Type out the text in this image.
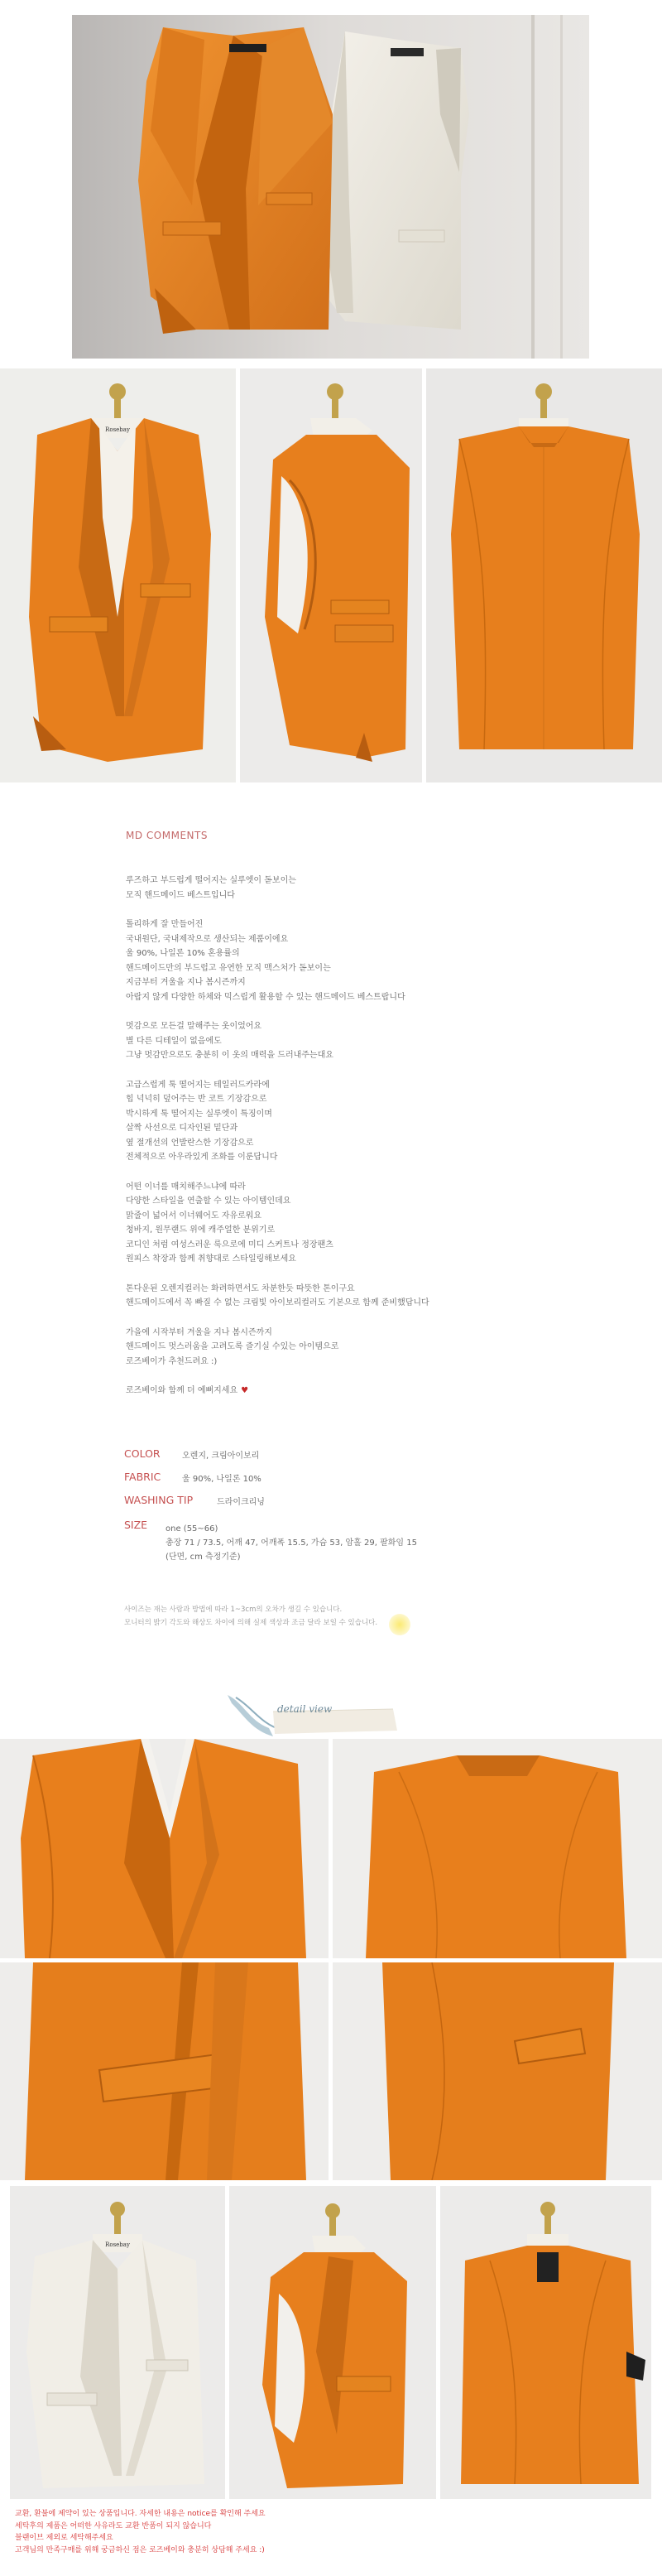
Rosebay
MD COMMENTS
루즈하고 부드럽게 떨어지는 실루엣이 돋보이는
모직 핸드메이드 베스트입니다
톨리하게 잘 만들어진
국내원단, 국내제작으로 생산되는 제품이에요
울 90%, 나일론 10% 혼용률의
핸드메이드만의 부드럽고 유연한 모직 맥스처가 돋보이는
지금부터 겨울을 지나 봄시즌까지
아랍지 않게 다양한 하체와 믹스립게 활용할 수 있는 핸드메이드 베스트랍니다
멋감으로 모든걸 말해주는 옷이었어요
별 다른 디테일이 없음에도
그냥 멋감만으로도 충분히 이 옷의 매력을 드러내주는대요
고급스럽게 툭 떨어지는 테일러드카라에
힙 넉넉히 덮어주는 반 코트 기장감으로
박시하게 툭 떨어지는 실루엣이 특징이며
살짝 사선으로 디자인된 밑단과
옆 절개선의 언발란스한 기장감으로
전체적으로 아우라있게 조화를 이룬답니다
어떤 이너를 매치해주느냐에 따라
다양한 스타일을 연출할 수 있는 아이템인데요
맑줄이 넓어서 이너웨어도 자유로워요
청바지, 원무랜드 위에 캐주얼한 분위기로
코디인 처럼 여성스러운 룩으로에 미디 스커트나 정장팬츠
원피스 착장과 함께 취향대로 스타일링해보세요
톤다운된 오렌지컬러는 화려하면서도 차분한듯 따뜻한 톤이구요
핸드메이드에서 꼭 빠질 수 없는 크림빛 아이보리컬러도 기본으로 함께 준비했답니다
가을에 시작부터 겨울을 지나 봄시즌까지
핸드메이드 멋스러움을 고려도록 즐기실 수있는 아이템으로
로즈베이가 추천드려요 :)
로즈베이와 함께 더 예뻐지세요 ♥
COLOR	오렌지, 크림아이보리
FABRIC	울 90%, 나일론 10%
WASHING TIP	드라이크리닝
SIZE one (55~66)
총장 71 / 73.5, 어깨 47, 어깨폭 15.5, 가슴 53, 암홀 29, 팔화임 15
(단면, cm 측정기준)
사이즈는 재는 사람과 방법에 따라 1~3cm의 오차가 생길 수 있습니다.
모니터의 밝기 각도와 해상도 차이에 의해 실제 색상과 조금 달라 보일 수 있습니다.
detail view
Rosebay
교환, 환불에 제약이 있는 상품입니다. 자세한 내용은 notice를 확인해 주세요
세탁후의 제품은 어떠한 사유라도 교환 반품이 되지 않습니다
블랜이브 제외로 세탁해주세요
고객님의 만족구매를 위해 궁금하신 점은 로즈베이와 충분히 상담해 주세요 :)
